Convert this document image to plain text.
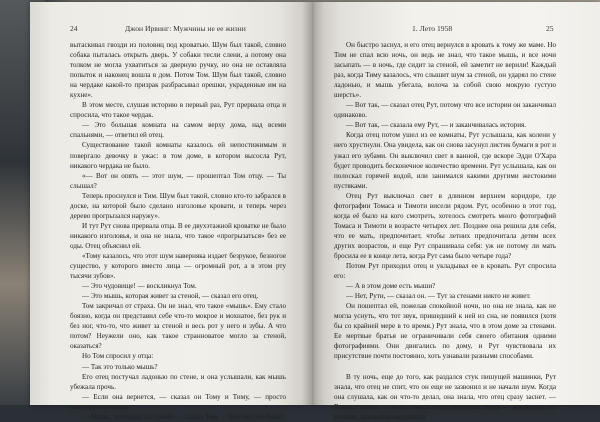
24	Джон Ирвинг: Мужчины не ее жизни

вытаскивал гвозди из половиц под кроватью. Шум был такой, словно собака пыталась открыть дверь. У собаки тесли слени, а потому она толком не могла ухватиться за дверную ручку, но она не оставляла попыток и наконец вошла в дом. Потом Том. Шум был такой, словно на чердаке какой-то призрак разбрасывал орешки, украденные им на кухне».

В этом месте, слушая историю в первый раз, Рут прервала отца и спросила, что такое чердак.

— Это большая комната на самом верху дома, над всеми спальнями, — ответил ей отец.

Существование такой комнаты казалось ей непостижимым и повергало девочку в ужас: в том доме, в котором высосла Рут, никакого чердака не было.

«— Вот он опять — этот шум, — прошептал Том отцу. — Ты слышал?

Теперь проснулся и Тим. Шум был такой, словно кто-то забрался в доске, на которой было сделано изголовье кровати, и теперь через дерево прогрызался наружу».

И тут Рут снова прервала отца. В ее двухэтажной кроватке не было никакого изголовья, и она не знала, что такое «прогрызаться» без ее оды. Отец объяснил ей.

«Тому казалось, что этот шум наверняка издает безрукое, безногое существо, у которого вместо лица — огромный рот, а в этом рту тысячи зубов».

— Это чудовище! — воскликнул Том.

— Это мышь, которая живет за стеной, — сказал его отец.

Том закричал от страха. Он не знал, что такое «мышь». Ему стало боязно, когда он представил себе что-то мокрое и мохнатое, без рук и без ног, что-то, что живет за стеной и весь рот у него и зубы. А что потом? Неужели оно, как такое странноватое могло за стеной, оказаться?

Но Том спросил у отца:

— Так это только мышь?

Его отец постучал ладонью по стене, и она услышали, как мышь убежала прочь.

— Если она вернется, — сказал он Тому и Тиму, — просто постучите по стене.

— Мышь, живущая за стеной! — сказал Том. — Вот что это было!

1. Лето 1958	25

Он быстро заснул, и его отец вернулся в кровать к тому же маме. Но Тим не спал всю ночь, он ведь не знал, что такое мышь, и все ночи засыпать — в ночь, где сидит за стеной, ей заметит не верили! Каждый раз, когда Тиму казалось, что слышит шум за стеной, он ударял по стене ладонью, и мышь убегала, волоча за собой свою мокрую густую шерсть».

— Вот так, — сказал отец Рут, потому что все истории он заканчивал одинаково.

— Вот так, — сказала ему Рут, — и заканчивалась история.

Когда отец потом ушел из ее комнаты, Рут услышала, как колени у него хрустнули. Она увидела, как он снова засунул листик бумаги в рот и ужал его зубами. Он выключил свет в ванной, где вскоре Эдди О'Хара будет проводить бесконечное количество времени. Рут услышала, как он полоскал горячей водой, или занимался какими другими жестокими пустяками.

Отец Рут выключал свет в длинном верхнем коридоре, где фотографии Томаса и Тимоти висели рядом. Рут, особенно в этот год, когда её было на кого смотреть, хотелось смотреть много фотографий Томаса и Тимоти в возрасте четырех лет. Позднее она решила для себя, что ее мать, предпочитает, чтобы летних предпочитала детям всех других возрастов, и еще Рут спрашивала себя: уж не потому ли мать бросила ее в конце лета, когда Рут сама было четыре года?

Потом Рут приходил отец и укладывал ее в кровать. Рут спросила его:

— А в этом доме есть мыши?

— Нет, Рути, — сказал он. — Тут за стенами никто не живет.

Он пошептал ей, пожелав спокойной ночи, но она не знала, как не могла уснуть, что тот звук, пришедший к ней из сна, не появился (хотя бы со крайней мере в то время.) Рут знала, что в этом доме за стенами. Ее мертвые братья не ограничивали себя своего обитания одними фотографиями. Они двигались по дому, и Рут чувствовала их присутствие почти постоянно, хоть узнавали разными способами.

В ту ночь, еще до того, как раздался стук пишущей машинки, Рут знала, что отец не спит, что он еще не зазвонил и не начали шум. Когда она слушала, как он что-то делал, она знала, что отец сразу заснет. — Воткал, ждите — и она начала отец засмеялся: жжик — жжикнула его молния, заполнили шпилянцы.
